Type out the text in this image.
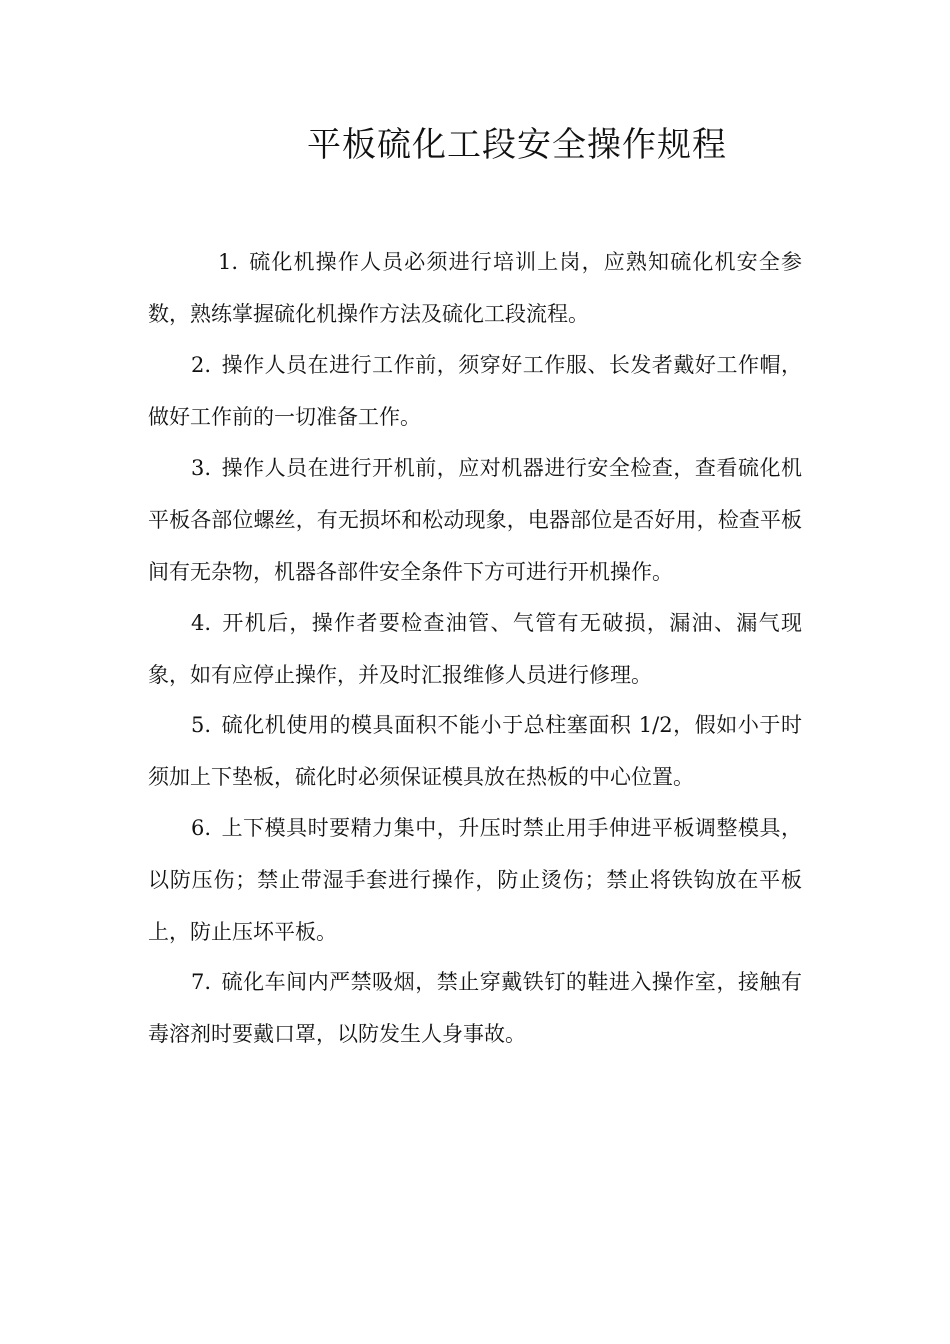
平板硫化工段安全操作规程

1. 硫化机操作人员必须进行培训上岗，应熟知硫化机安全参数，熟练掌握硫化机操作方法及硫化工段流程。

2. 操作人员在进行工作前，须穿好工作服、长发者戴好工作帽，做好工作前的一切准备工作。

3. 操作人员在进行开机前，应对机器进行安全检查，查看硫化机平板各部位螺丝，有无损坏和松动现象，电器部位是否好用，检查平板间有无杂物，机器各部件安全条件下方可进行开机操作。

4. 开机后，操作者要检查油管、气管有无破损，漏油、漏气现象，如有应停止操作，并及时汇报维修人员进行修理。

5. 硫化机使用的模具面积不能小于总柱塞面积 1/2，假如小于时须加上下垫板，硫化时必须保证模具放在热板的中心位置。

6. 上下模具时要精力集中，升压时禁止用手伸进平板调整模具，以防压伤；禁止带湿手套进行操作，防止烫伤；禁止将铁钩放在平板上，防止压坏平板。

7. 硫化车间内严禁吸烟，禁止穿戴铁钉的鞋进入操作室，接触有毒溶剂时要戴口罩，以防发生人身事故。
